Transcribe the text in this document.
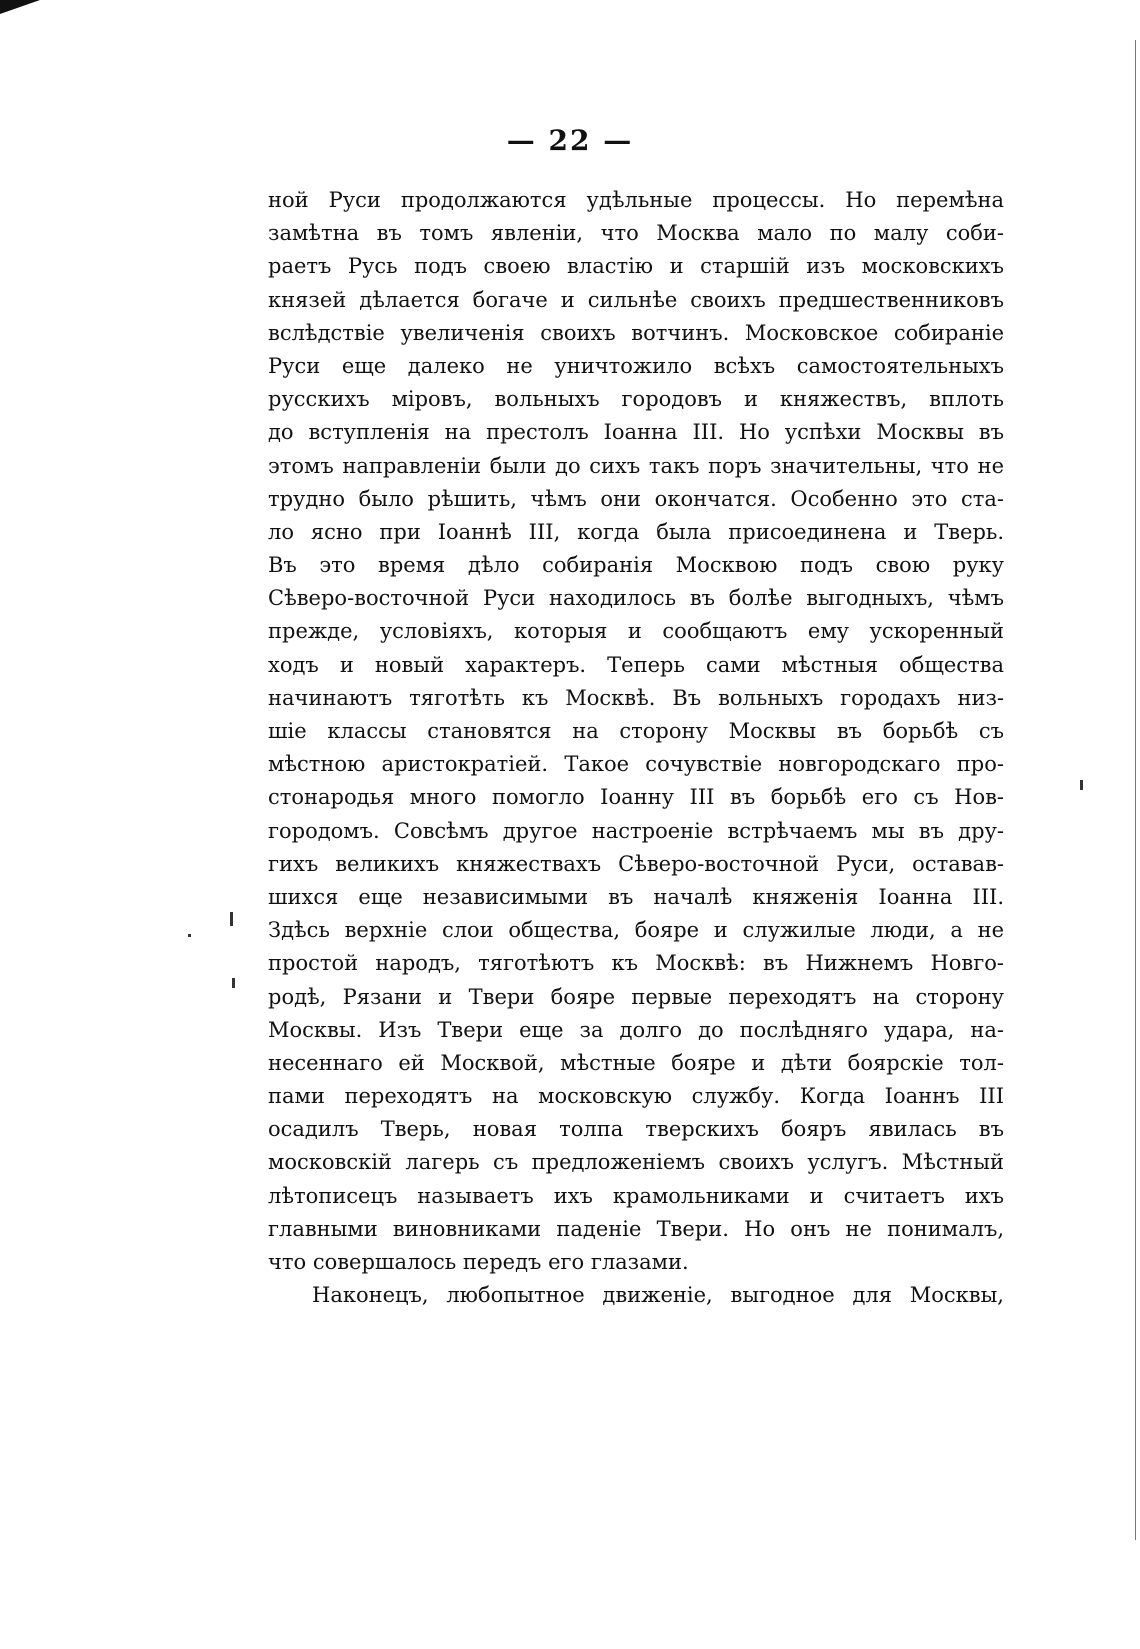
— 22 —
ной Руси продолжаются удѣльные процессы. Но перемѣна
замѣтна въ томъ явленіи, что Москва мало по малу соби-
раетъ Русь подъ своею властію и старшій изъ московскихъ
князей дѣлается богаче и сильнѣе своихъ предшественниковъ
вслѣдствіе увеличенія своихъ вотчинъ. Московское собираніе
Руси еще далеко не уничтожило всѣхъ самостоятельныхъ
русскихъ міровъ, вольныхъ городовъ и княжествъ, вплоть
до вступленія на престолъ Іоанна III. Но успѣхи Москвы въ
этомъ направленіи были до сихъ такъ поръ значительны, что не
трудно было рѣшить, чѣмъ они окончатся. Особенно это ста-
ло ясно при Іоаннѣ III, когда была присоединена и Тверь.
Въ это время дѣло собиранія Москвою подъ свою руку
Сѣверо-восточной Руси находилось въ болѣе выгодныхъ, чѣмъ
прежде, условіяхъ, которыя и сообщаютъ ему ускоренный
ходъ и новый характеръ. Теперь сами мѣстныя общества
начинаютъ тяготѣть къ Москвѣ. Въ вольныхъ городахъ низ-
шіе классы становятся на сторону Москвы въ борьбѣ съ
мѣстною аристократіей. Такое сочувствіе новгородскаго про-
стонародья много помогло Іоанну III въ борьбѣ его съ Нов-
городомъ. Совсѣмъ другое настроеніе встрѣчаемъ мы въ дру-
гихъ великихъ княжествахъ Сѣверо-восточной Руси, оставав-
шихся еще независимыми въ началѣ княженія Іоанна III.
Здѣсь верхніе слои общества, бояре и служилые люди, а не
простой народъ, тяготѣютъ къ Москвѣ: въ Нижнемъ Новго-
родѣ, Рязани и Твери бояре первые переходятъ на сторону
Москвы. Изъ Твери еще за долго до послѣдняго удара, на-
несеннаго ей Москвой, мѣстные бояре и дѣти боярскіе тол-
пами переходятъ на московскую службу. Когда Іоаннъ III
осадилъ Тверь, новая толпа тверскихъ бояръ явилась въ
московскій лагерь съ предложеніемъ своихъ услугъ. Мѣстный
лѣтописецъ называетъ ихъ крамольниками и считаетъ ихъ
главными виновниками паденіе Твери. Но онъ не понималъ,
что совершалось передъ его глазами.
Наконецъ, любопытное движеніе, выгодное для Москвы,
